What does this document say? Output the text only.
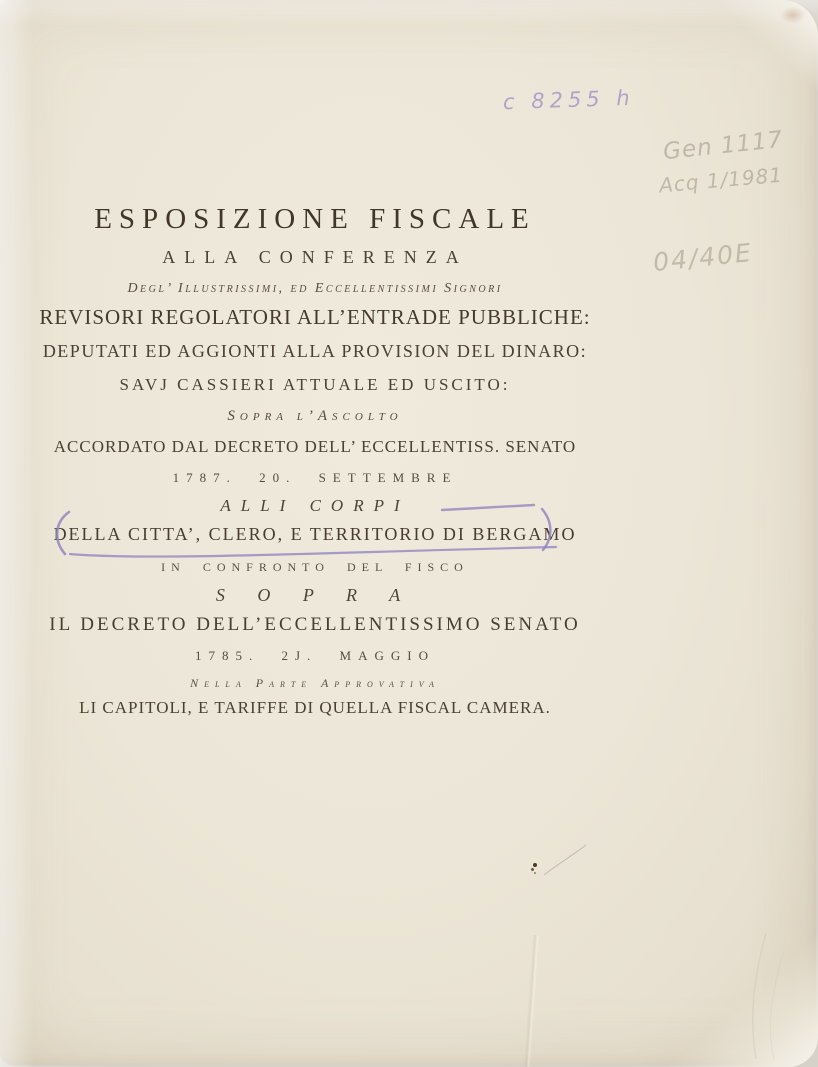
ESPOSIZIONE FISCALE
ALLA CONFERENZA
Degl’ Illustrissimi, ed Eccellentissimi Signori
REVISORI REGOLATORI ALL’ENTRADE PUBBLICHE:
DEPUTATI ED AGGIONTI ALLA PROVISION DEL DINARO:
SAVJ CASSIERI ATTUALE ED USCITO:
Sopra l’Ascolto
ACCORDATO DAL DECRETO DELL’ ECCELLENTISS. SENATO
1787. 20. SETTEMBRE
ALLI CORPI
DELLA CITTA’, CLERO, E TERRITORIO DI BERGAMO
IN CONFRONTO DEL FISCO
S O P R A
IL DECRETO DELL’ECCELLENTISSIMO SENATO
1785. 2J. MAGGIO
Nella Parte Approvativa
LI CAPITOLI, E TARIFFE DI QUELLA FISCAL CAMERA.
c 8255 h
Gen 1117
Acq 1/1981
04/40E
